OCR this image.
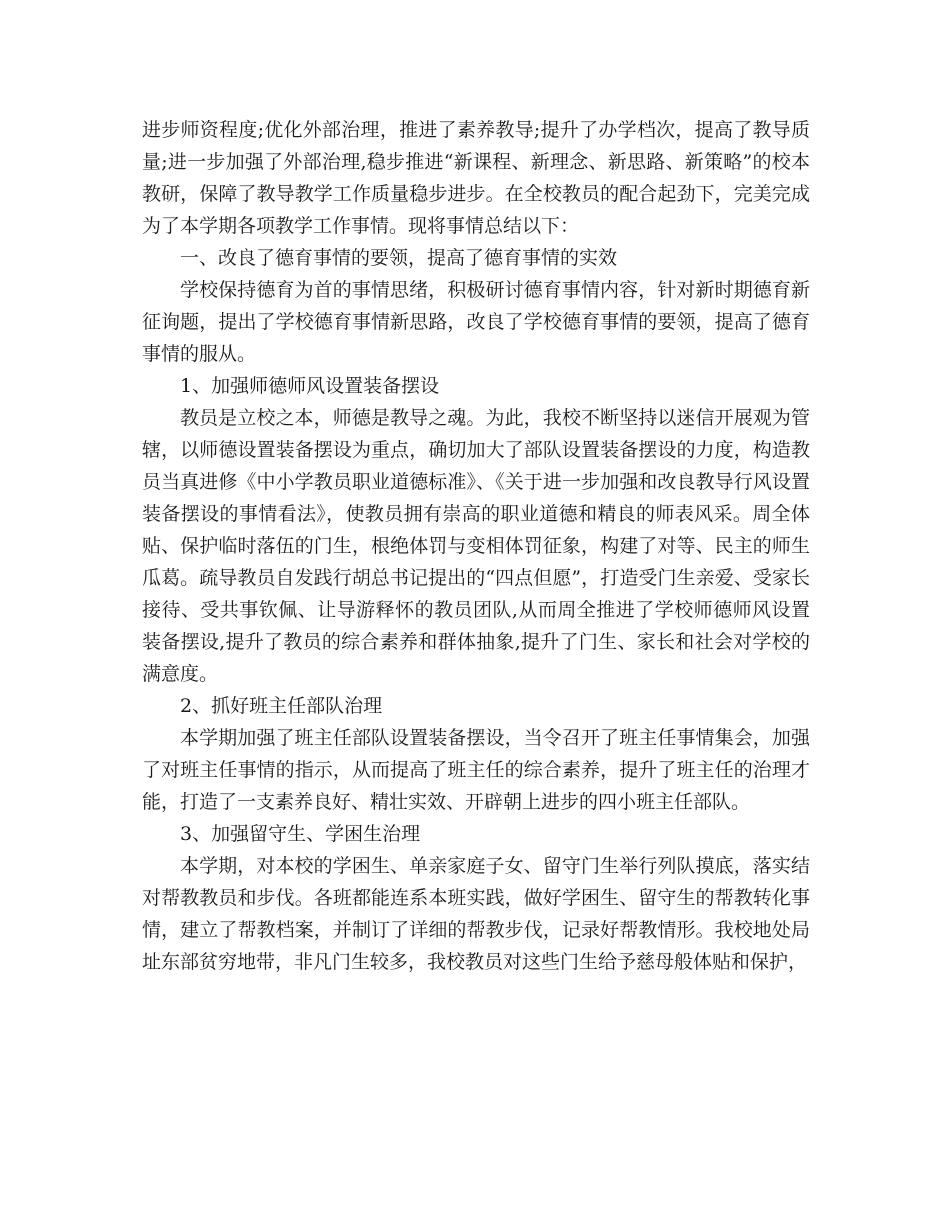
进步师资程度;优化外部治理，推进了素养教导;提升了办学档次，提高了教导质量;进一步加强了外部治理,稳步推进“新课程、新理念、新思路、新策略”的校本教研，保障了教导教学工作质量稳步进步。在全校教员的配合起劲下，完美完成为了本学期各项教学工作事情。现将事情总结以下：

一、改良了德育事情的要领，提高了德育事情的实效

学校保持德育为首的事情思绪，积极研讨德育事情内容，针对新时期德育新征询题，提出了学校德育事情新思路，改良了学校德育事情的要领，提高了德育事情的服从。

1、加强师德师风设置装备摆设

教员是立校之本，师德是教导之魂。为此，我校不断坚持以迷信开展观为管辖，以师德设置装备摆设为重点，确切加大了部队设置装备摆设的力度，构造教员当真进修《中小学教员职业道德标准》、《关于进一步加强和改良教导行风设置装备摆设的事情看法》，使教员拥有崇高的职业道德和精良的师表风采。周全体贴、保护临时落伍的门生，根绝体罚与变相体罚征象，构建了对等、民主的师生瓜葛。疏导教员自发践行胡总书记提出的“四点但愿”，打造受门生亲爱、受家长接待、受共事钦佩、让导游释怀的教员团队,从而周全推进了学校师德师风设置装备摆设,提升了教员的综合素养和群体抽象,提升了门生、家长和社会对学校的满意度。

2、抓好班主任部队治理

本学期加强了班主任部队设置装备摆设，当令召开了班主任事情集会，加强了对班主任事情的指示，从而提高了班主任的综合素养，提升了班主任的治理才能，打造了一支素养良好、精壮实效、开辟朝上进步的四小班主任部队。

3、加强留守生、学困生治理

本学期，对本校的学困生、单亲家庭子女、留守门生举行列队摸底，落实结对帮教教员和步伐。各班都能连系本班实践，做好学困生、留守生的帮教转化事情，建立了帮教档案，并制订了详细的帮教步伐，记录好帮教情形。我校地处局址东部贫穷地带，非凡门生较多，我校教员对这些门生给予慈母般体贴和保护，
